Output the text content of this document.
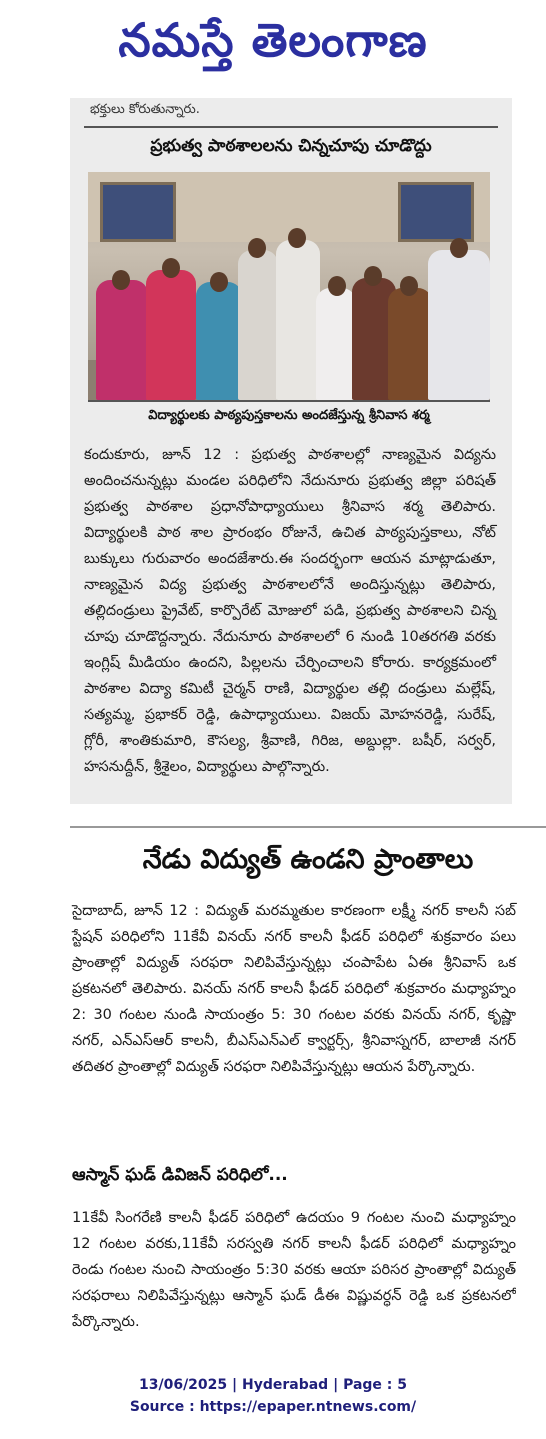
నమస్తే తెలంగాణ
భక్తులు కోరుతున్నారు.
ప్రభుత్వ పాఠశాలలను చిన్నచూపు చూడొద్దు
విద్యార్థులకు పాఠ్యపుస్తకాలను అందజేస్తున్న శ్రీనివాస శర్మ
కందుకూరు, జూన్ 12 : ప్రభుత్వ పాఠశాలల్లో నాణ్యమైన విద్యను అందించనున్నట్లు మండల పరిధిలోని నేదునూరు ప్రభుత్వ జిల్లా పరిషత్ ప్రభుత్వ పాఠశాల ప్రధానోపాధ్యాయులు శ్రీనివాస శర్మ తెలిపారు. విద్యార్థులకి పాఠ శాల ప్రారంభం రోజునే, ఉచిత పాఠ్యపుస్తకాలు, నోట్ బుక్కులు గురువారం అందజేశారు.ఈ సందర్భంగా ఆయన మాట్లాడుతూ, నాణ్యమైన విద్య ప్రభుత్వ పాఠశాలలోనే అందిస్తున్నట్లు తెలిపారు, తల్లిదండ్రులు ప్రైవేట్, కార్పొరేట్ మోజులో పడి, ప్రభుత్వ పాఠశాలని చిన్న చూపు చూడొద్దన్నారు. నేదునూరు పాఠశాలలో 6 నుండి 10తరగతి వరకు ఇంగ్లిష్ మీడియం ఉందని, పిల్లలను చేర్పించాలని కోరారు. కార్యక్రమంలో పాఠశాల విద్యా కమిటీ చైర్మన్ రాణి, విద్యార్థుల తల్లి దండ్రులు మల్లేష్, సత్యమ్మ, ప్రభాకర్ రెడ్డి, ఉపాధ్యాయులు. విజయ్ మోహనరెడ్డి, సురేష్, గ్లోరీ, శాంతికుమారి, కౌసల్య, శ్రీవాణి, గిరిజ, అబ్దుల్లా. బషీర్, సర్వర్, హసనుద్దీన్, శ్రీశైలం, విద్యార్థులు పాల్గొన్నారు.
నేడు విద్యుత్ ఉండని ప్రాంతాలు
సైదాబాద్, జూన్ 12 : విద్యుత్ మరమ్మతుల కారణంగా లక్ష్మీ నగర్ కాలనీ సబ్ స్టేషన్ పరిధిలోని 11కేవీ వినయ్ నగర్ కాలనీ ఫీడర్ పరిధిలో శుక్రవారం పలు ప్రాంతాల్లో విద్యుత్ సరఫరా నిలిపివేస్తున్నట్లు చంపాపేట ఏఈ శ్రీనివాస్ ఒక ప్రకటనలో తెలిపారు. వినయ్ నగర్ కాలనీ ఫీడర్ పరిధిలో శుక్రవారం మధ్యాహ్నం 2: 30 గంటల నుండి సాయంత్రం 5: 30 గంటల వరకు వినయ్ నగర్, కృష్ణా నగర్, ఎన్ఎస్ఆర్ కాలనీ, బీఎస్ఎన్ఎల్ క్వార్టర్స్, శ్రీనివాస్నగర్, బాలాజీ నగర్ తదితర ప్రాంతాల్లో విద్యుత్ సరఫరా నిలిపివేస్తున్నట్లు ఆయన పేర్కొన్నారు.
ఆస్మాన్ ఘడ్ డివిజన్ పరిధిలో...
11కేవీ సింగరేణి కాలనీ ఫీడర్ పరిధిలో ఉదయం 9 గంటల నుంచి మధ్యాహ్నం 12 గంటల వరకు,11కేవీ సరస్వతి నగర్ కాలనీ ఫీడర్ పరిధిలో మధ్యాహ్నం రెండు గంటల నుంచి సాయంత్రం 5:30 వరకు ఆయా పరిసర ప్రాంతాల్లో విద్యుత్ సరఫరాలు నిలిపివేస్తున్నట్లు ఆస్మాన్ ఘడ్ డీఈ విష్ణువర్ధన్ రెడ్డి ఒక ప్రకటనలో పేర్కొన్నారు.
13/06/2025 | Hyderabad | Page : 5
Source : https://epaper.ntnews.com/
